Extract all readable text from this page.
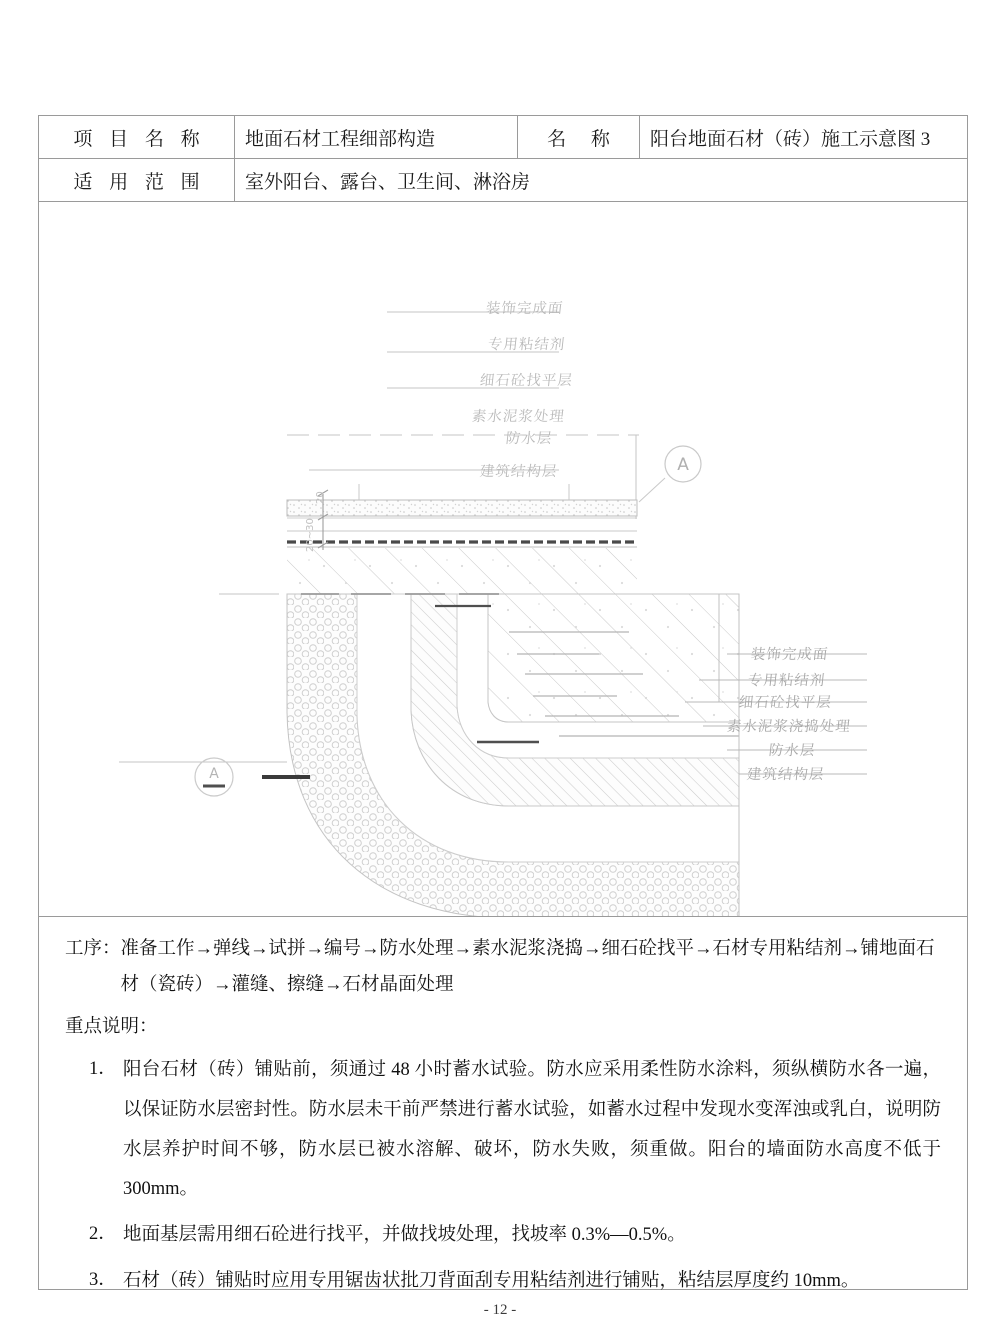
项 目 名 称	地面石材工程细部构造	名 称	阳台地面石材（砖）施工示意图 3
适 用 范 围	室外阳台、露台、卫生间、淋浴房
A
A
装饰完成面
专用粘结剂
细石砼找平层
素水泥浆处理
防水层
建筑结构层
装饰完成面
专用粘结剂
细石砼找平层
素水泥浆浇捣处理
防水层
建筑结构层
20~30
20
工序： 准备工作→弹线→试拼→编号→防水处理→素水泥浆浇捣→细石砼找平→石材专用粘结剂→铺地面石材（瓷砖）→灌缝、擦缝→石材晶面处理
重点说明：
1． 阳台石材（砖）铺贴前，须通过 48 小时蓄水试验。防水应采用柔性防水涂料，须纵横防水各一遍，以保证防水层密封性。防水层未干前严禁进行蓄水试验，如蓄水过程中发现水变浑浊或乳白，说明防水层养护时间不够，防水层已被水溶解、破坏，防水失败，须重做。阳台的墙面防水高度不低于 300mm。
2． 地面基层需用细石砼进行找平，并做找坡处理，找坡率 0.3%—0.5%。
3． 石材（砖）铺贴时应用专用锯齿状批刀背面刮专用粘结剂进行铺贴，粘结层厚度约 10mm。
- 12 -
